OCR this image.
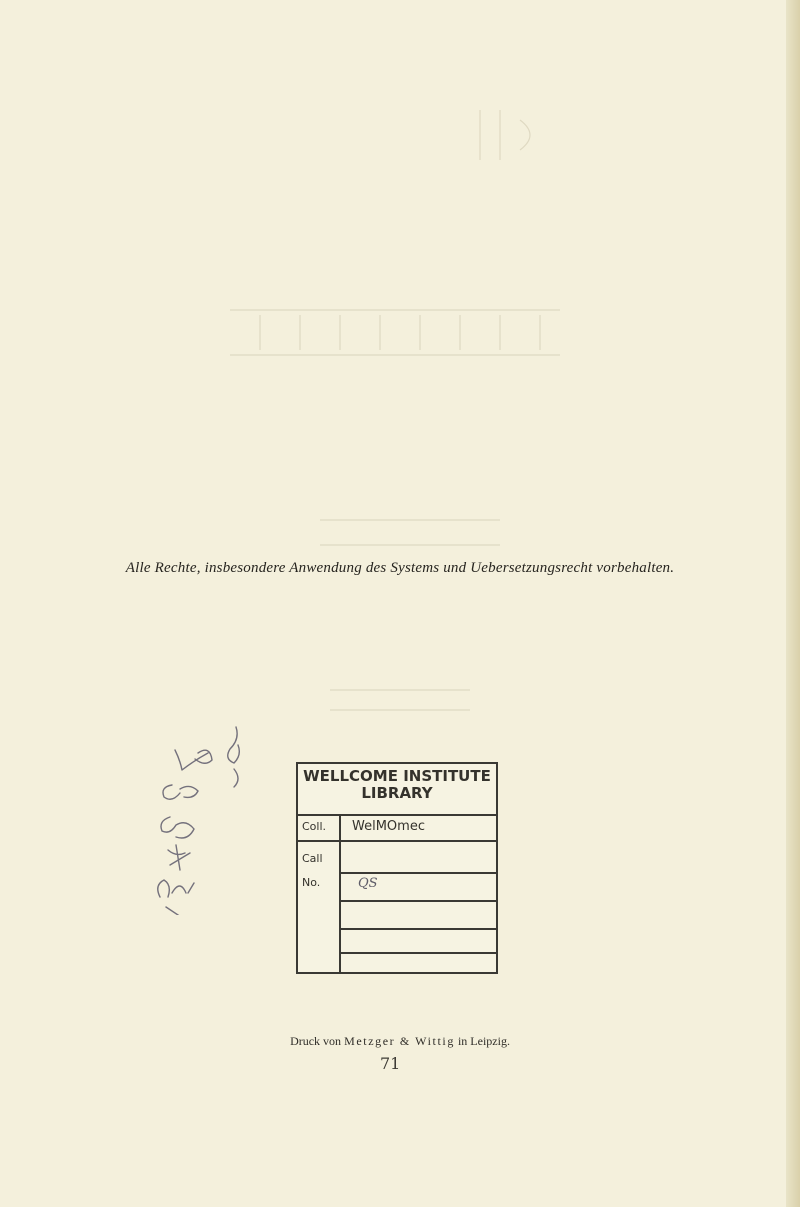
Alle Rechte, insbesondere Anwendung des Systems und Uebersetzungsrecht vorbehalten.
WELLCOME INSTITUTE
LIBRARY
Coll. WelMOmec
Call
No.	QS
Druck von Metzger & Wittig in Leipzig.
71
